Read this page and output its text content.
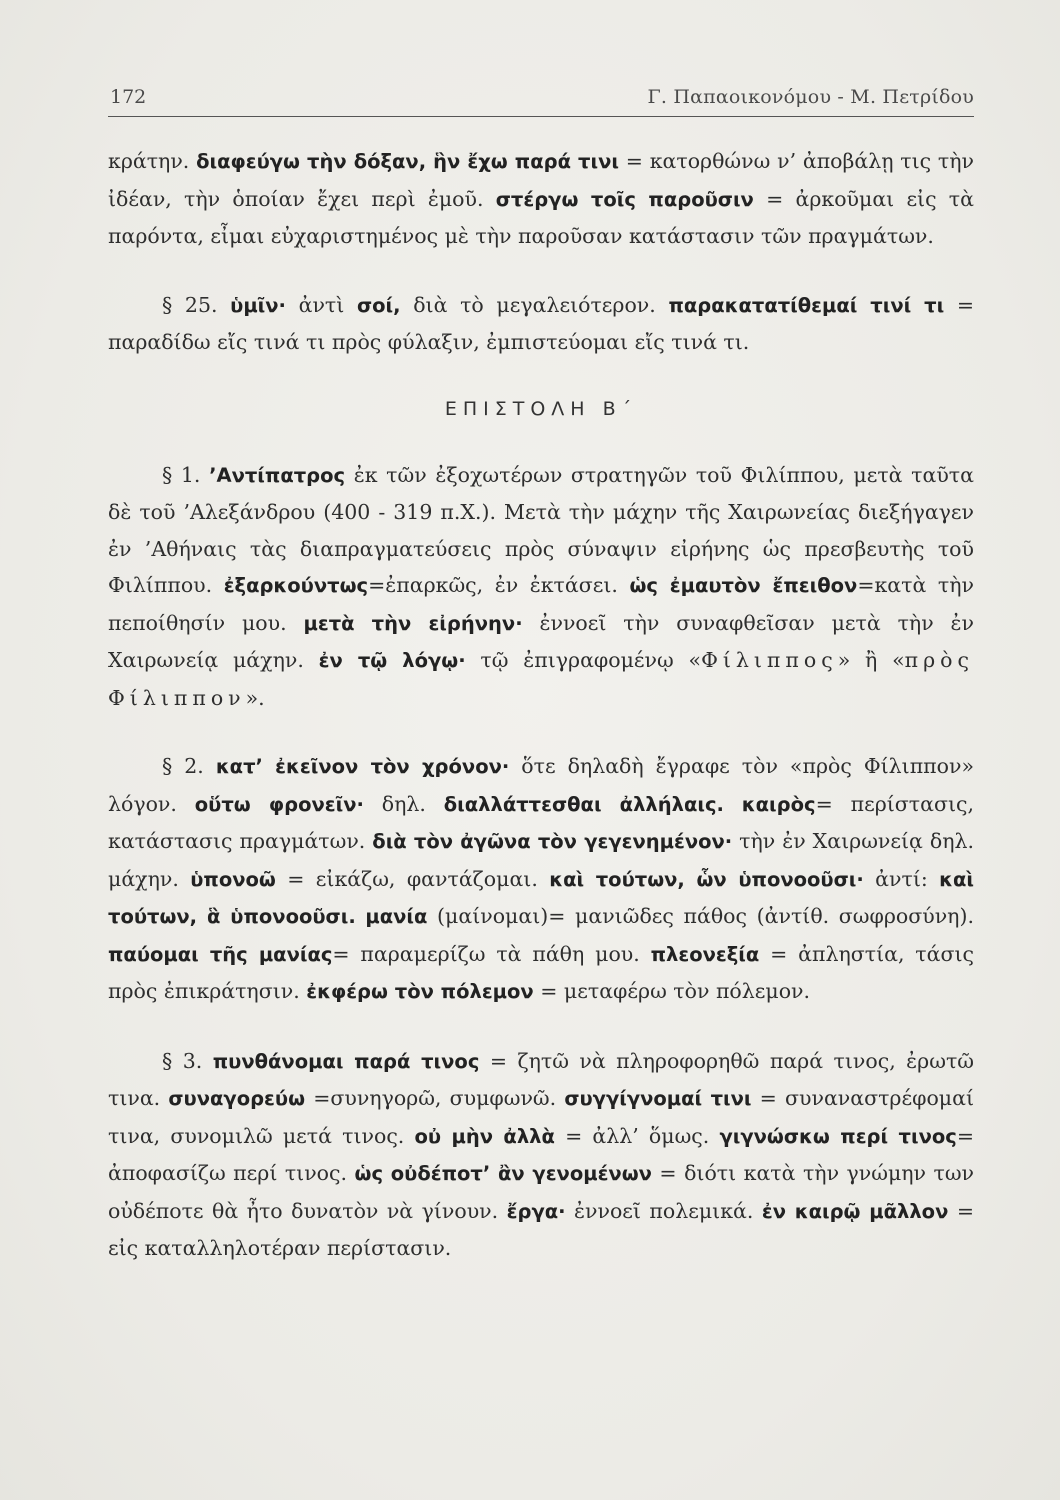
172	Γ. Παπαοικονόμου - Μ. Πετρίδου

κράτην. διαφεύγω τὴν δόξαν, ἣν ἔχω παρά τινι = κατορθώνω ν’ ἀποβάλῃ τις τὴν ἰδέαν, τὴν ὁποίαν ἔχει περὶ ἐμοῦ. στέργω τοῖς παροῦσιν = ἀρκοῦμαι εἰς τὰ παρόντα, εἶμαι εὐχαριστημένος μὲ τὴν παροῦσαν κατάστασιν τῶν πραγμάτων.

§ 25. ὑμῖν· ἀντὶ σοί, διὰ τὸ μεγαλειότερον. παρακατατίθεμαί τινί τι = παραδίδω εἴς τινά τι πρὸς φύλαξιν, ἐμπιστεύομαι εἴς τινά τι.

ΕΠΙΣΤΟΛΗ Β΄

§ 1. ’Αντίπατρος ἐκ τῶν ἐξοχωτέρων στρατηγῶν τοῦ Φιλίππου, μετὰ ταῦτα δὲ τοῦ ’Αλεξάνδρου (400 - 319 π.Χ.). Μετὰ τὴν μάχην τῆς Χαιρωνείας διεξήγαγεν ἐν ’Αθήναις τὰς διαπραγματεύσεις πρὸς σύναψιν εἰρήνης ὡς πρεσβευτὴς τοῦ Φιλίππου. ἐξαρκούντως=ἐπαρκῶς, ἐν ἐκτάσει. ὡς ἐμαυτὸν ἔπειθον=κατὰ τὴν πεποίθησίν μου. μετὰ τὴν εἰρήνην· ἐννοεῖ τὴν συναφθεῖσαν μετὰ τὴν ἐν Χαιρωνείᾳ μάχην. ἐν τῷ λόγῳ· τῷ ἐπιγραφομένῳ «Φίλιππος» ἢ «πρὸς Φίλιππον».

§ 2. κατ’ ἐκεῖνον τὸν χρόνον· ὅτε δηλαδὴ ἔγραφε τὸν «πρὸς Φίλιππον» λόγον. οὕτω φρονεῖν· δηλ. διαλλάττεσθαι ἀλλήλαις. καιρὸς= περίστασις, κατάστασις πραγμάτων. διὰ τὸν ἀγῶνα τὸν γεγενημένον· τὴν ἐν Χαιρωνείᾳ δηλ. μάχην. ὑπονοῶ = εἰκάζω, φαντάζομαι. καὶ τούτων, ὧν ὑπονοοῦσι· ἀντί: καὶ τούτων, ἃ ὑπονοοῦσι. μανία (μαίνομαι)= μανιῶδες πάθος (ἀντίθ. σωφροσύνη). παύομαι τῆς μανίας= παραμερίζω τὰ πάθη μου. πλεονεξία = ἀπληστία, τάσις πρὸς ἐπικράτησιν. ἐκφέρω τὸν πόλεμον = μεταφέρω τὸν πόλεμον.

§ 3. πυνθάνομαι παρά τινος = ζητῶ νὰ πληροφορηθῶ παρά τινος, ἐρωτῶ τινα. συναγορεύω =συνηγορῶ, συμφωνῶ. συγγίγνομαί τινι = συναναστρέφομαί τινα, συνομιλῶ μετά τινος. οὐ μὴν ἀλλὰ = ἀλλ’ ὅμως. γιγνώσκω περί τινος= ἀποφασίζω περί τινος. ὡς οὐδέποτ’ ἂν γενομένων = διότι κατὰ τὴν γνώμην των οὐδέποτε θὰ ἦτο δυνατὸν νὰ γίνουν. ἔργα· ἐννοεῖ πολεμικά. ἐν καιρῷ μᾶλλον = εἰς καταλληλοτέραν περίστασιν.
